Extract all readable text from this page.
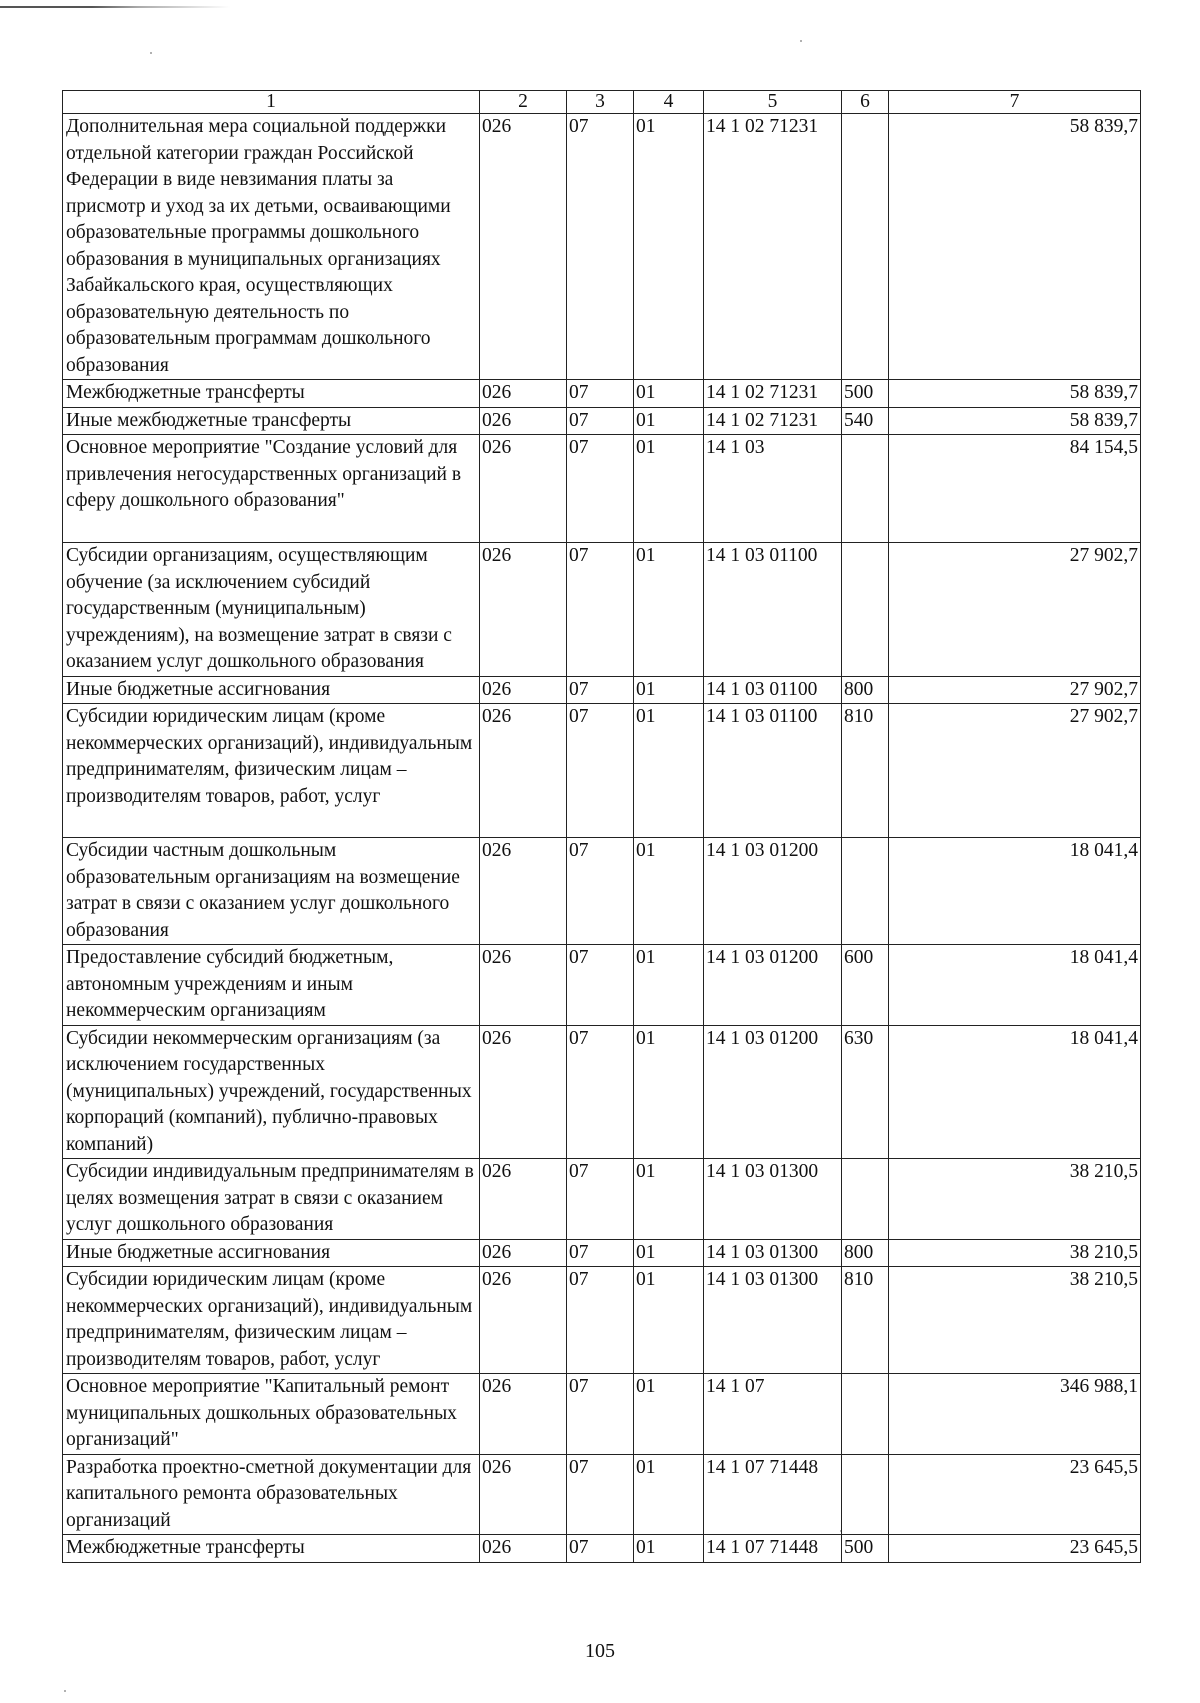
1	2	3	4	5	6	7
Дополнительная мера социальной поддержки отдельной категории граждан Российской Федерации в виде невзимания платы за присмотр и уход за их детьми, осваивающими образовательные программы дошкольного образования в муниципальных организациях Забайкальского края, осуществляющих образовательную деятельность по образовательным программам дошкольного образования	026	07	01	14 1 02 71231		58 839,7
Межбюджетные трансферты	026	07	01	14 1 02 71231	500	58 839,7
Иные межбюджетные трансферты	026	07	01	14 1 02 71231	540	58 839,7
Основное мероприятие "Создание условий для привлечения негосударственных организаций в сферу дошкольного образования"	026	07	01	14 1 03		84 154,5
Субсидии организациям, осуществляющим обучение (за исключением субсидий государственным (муниципальным) учреждениям), на возмещение затрат в связи с оказанием услуг дошкольного образования	026	07	01	14 1 03 01100		27 902,7
Иные бюджетные ассигнования	026	07	01	14 1 03 01100	800	27 902,7
Субсидии юридическим лицам (кроме некоммерческих организаций), индивидуальным предпринимателям, физическим лицам – производителям товаров, работ, услуг	026	07	01	14 1 03 01100	810	27 902,7
Субсидии частным дошкольным образовательным организациям на возмещение затрат в связи с оказанием услуг дошкольного образования	026	07	01	14 1 03 01200		18 041,4
Предоставление субсидий бюджетным, автономным учреждениям и иным некоммерческим организациям	026	07	01	14 1 03 01200	600	18 041,4
Субсидии некоммерческим организациям (за исключением государственных (муниципальных) учреждений, государственных корпораций (компаний), публично-правовых компаний)	026	07	01	14 1 03 01200	630	18 041,4
Субсидии индивидуальным предпринимателям в целях возмещения затрат в связи с оказанием услуг дошкольного образования	026	07	01	14 1 03 01300		38 210,5
Иные бюджетные ассигнования	026	07	01	14 1 03 01300	800	38 210,5
Субсидии юридическим лицам (кроме некоммерческих организаций), индивидуальным предпринимателям, физическим лицам – производителям товаров, работ, услуг	026	07	01	14 1 03 01300	810	38 210,5
Основное мероприятие "Капитальный ремонт муниципальных дошкольных образовательных организаций"	026	07	01	14 1 07		346 988,1
Разработка проектно-сметной документации для капитального ремонта образовательных организаций	026	07	01	14 1 07 71448		23 645,5
Межбюджетные трансферты	026	07	01	14 1 07 71448	500	23 645,5
105
